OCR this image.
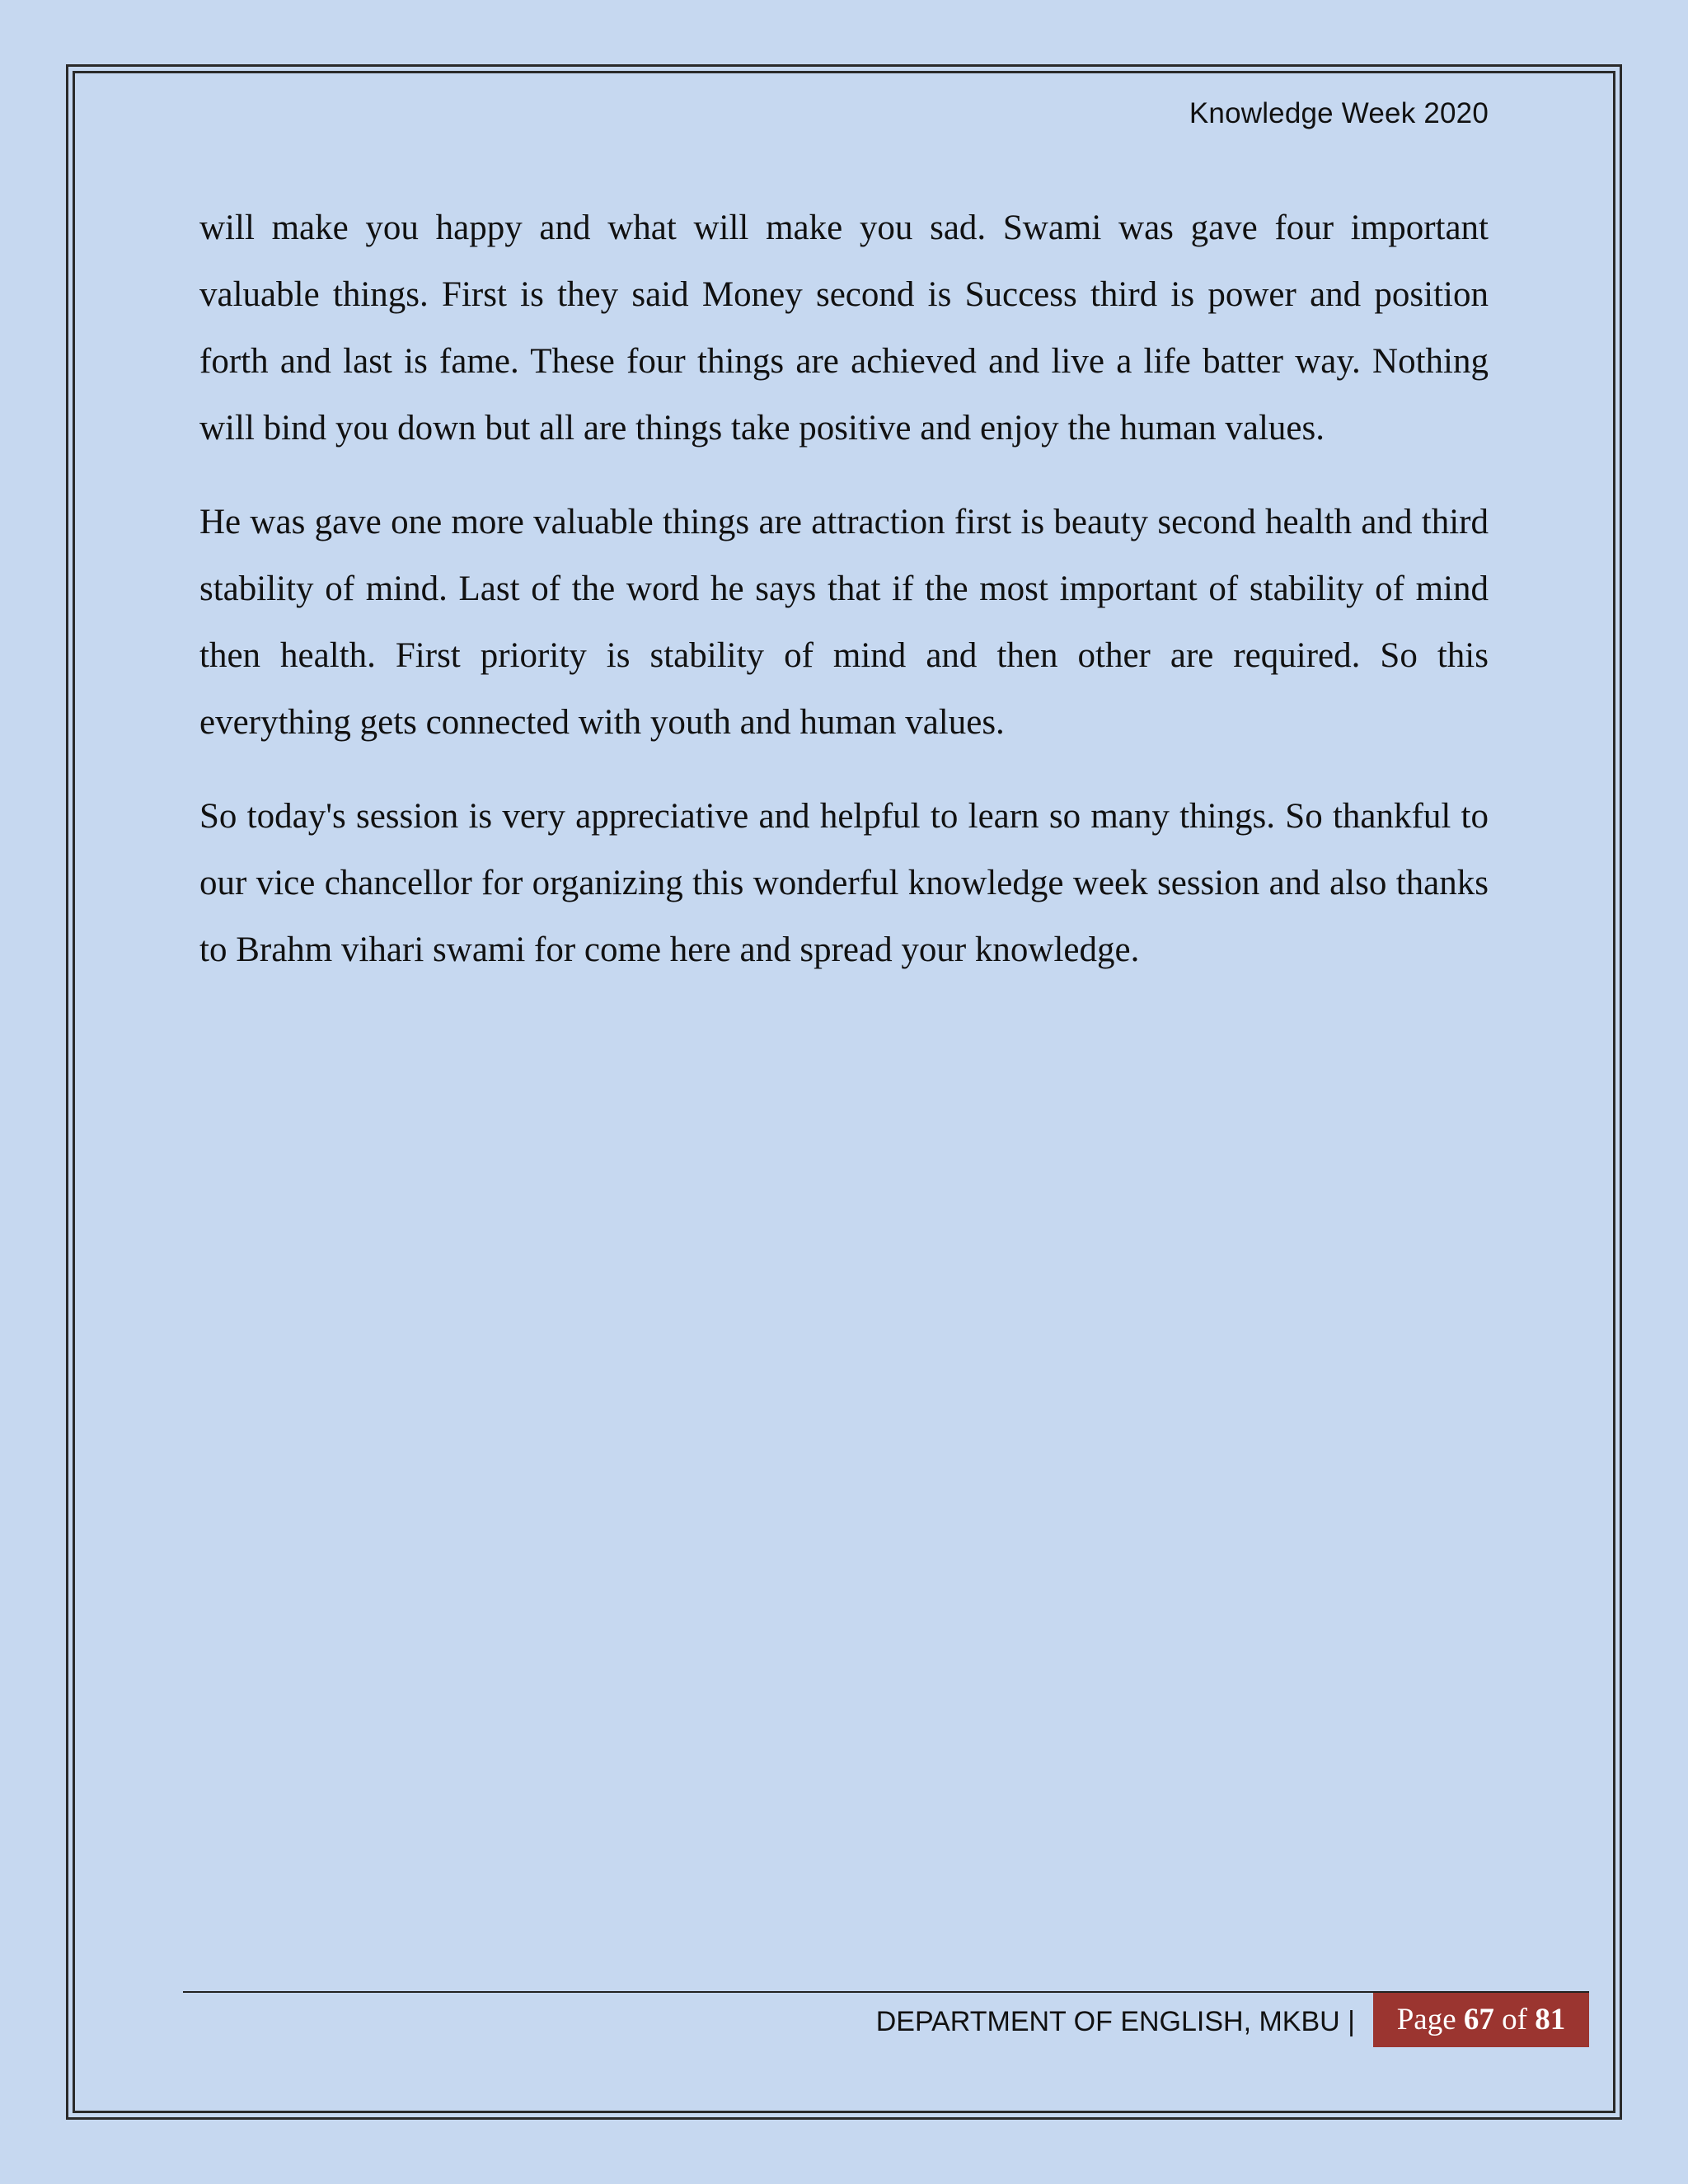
Knowledge Week 2020

will make you happy and what will make you sad. Swami was gave four important valuable things. First is they said Money second is Success third is power and position forth and last is fame. These four things are achieved and live a life batter way. Nothing will bind you down but all are things take positive and enjoy the human values.

He was gave one more valuable things are attraction first is beauty second health and third stability of mind. Last of the word he says that if the most important of stability of mind then health. First priority is stability of mind and then other are required. So this everything gets connected with youth and human values.

So today's session is very appreciative and helpful to learn so many things. So thankful to our vice chancellor for organizing this wonderful knowledge week session and also thanks to Brahm vihari swami for come here and spread your knowledge.

DEPARTMENT OF ENGLISH, MKBU |	Page 67 of 81
